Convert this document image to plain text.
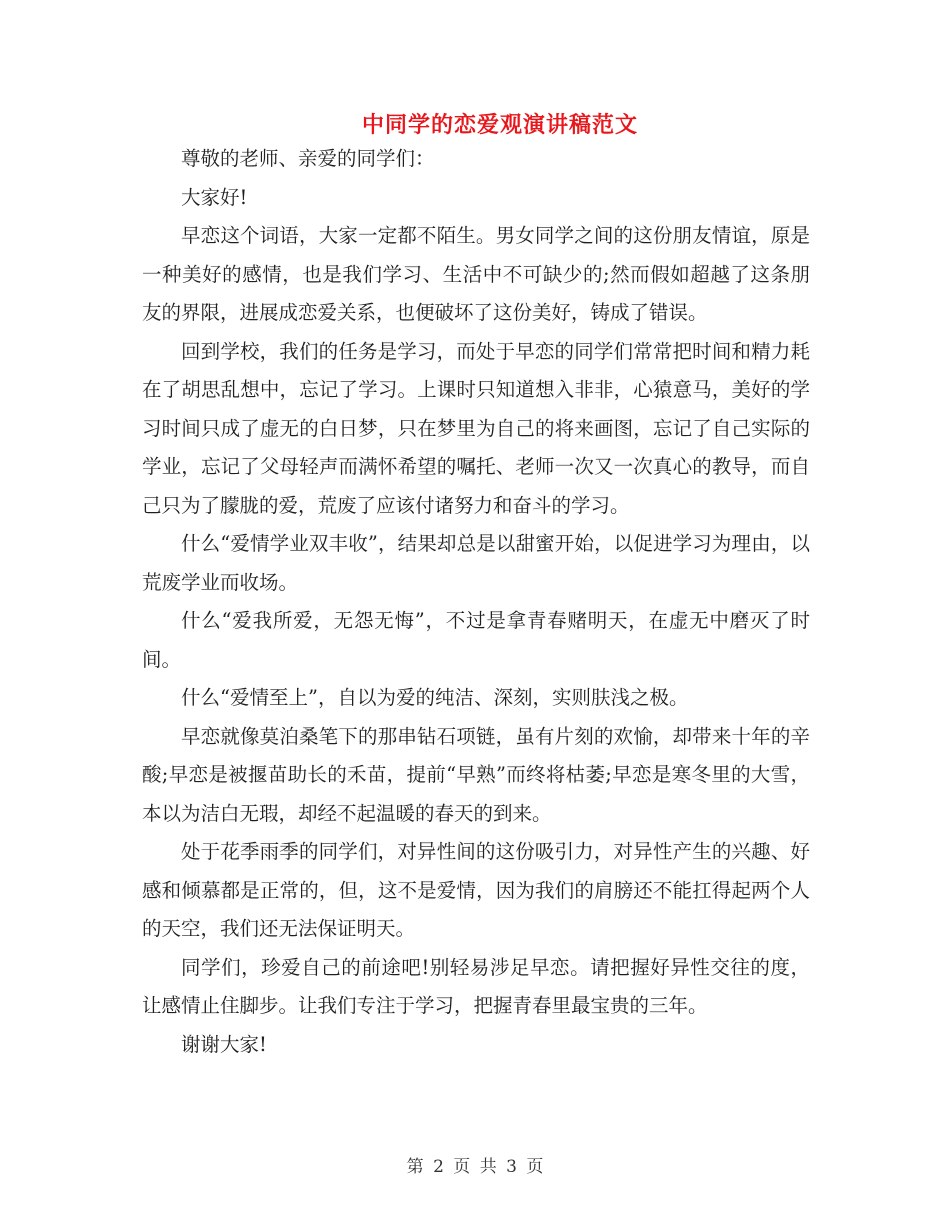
中同学的恋爱观演讲稿范文

尊敬的老师、亲爱的同学们：

大家好!

早恋这个词语，大家一定都不陌生。男女同学之间的这份朋友情谊，原是一种美好的感情，也是我们学习、生活中不可缺少的;然而假如超越了这条朋友的界限，进展成恋爱关系，也便破坏了这份美好，铸成了错误。

回到学校，我们的任务是学习，而处于早恋的同学们常常把时间和精力耗在了胡思乱想中，忘记了学习。上课时只知道想入非非，心猿意马，美好的学习时间只成了虚无的白日梦，只在梦里为自己的将来画图，忘记了自己实际的学业，忘记了父母轻声而满怀希望的嘱托、老师一次又一次真心的教导，而自己只为了朦胧的爱，荒废了应该付诸努力和奋斗的学习。

什么“爱情学业双丰收”，结果却总是以甜蜜开始，以促进学习为理由，以荒废学业而收场。

什么“爱我所爱，无怨无悔”，不过是拿青春赌明天，在虚无中磨灭了时间。

什么“爱情至上”，自以为爱的纯洁、深刻，实则肤浅之极。

早恋就像莫泊桑笔下的那串钻石项链，虽有片刻的欢愉，却带来十年的辛酸;早恋是被揠苗助长的禾苗，提前“早熟”而终将枯萎;早恋是寒冬里的大雪，本以为洁白无瑕，却经不起温暖的春天的到来。

处于花季雨季的同学们，对异性间的这份吸引力，对异性产生的兴趣、好感和倾慕都是正常的，但，这不是爱情，因为我们的肩膀还不能扛得起两个人的天空，我们还无法保证明天。

同学们，珍爱自己的前途吧!别轻易涉足早恋。请把握好异性交往的度，让感情止住脚步。让我们专注于学习，把握青春里最宝贵的三年。

谢谢大家!

第 2 页 共 3 页
